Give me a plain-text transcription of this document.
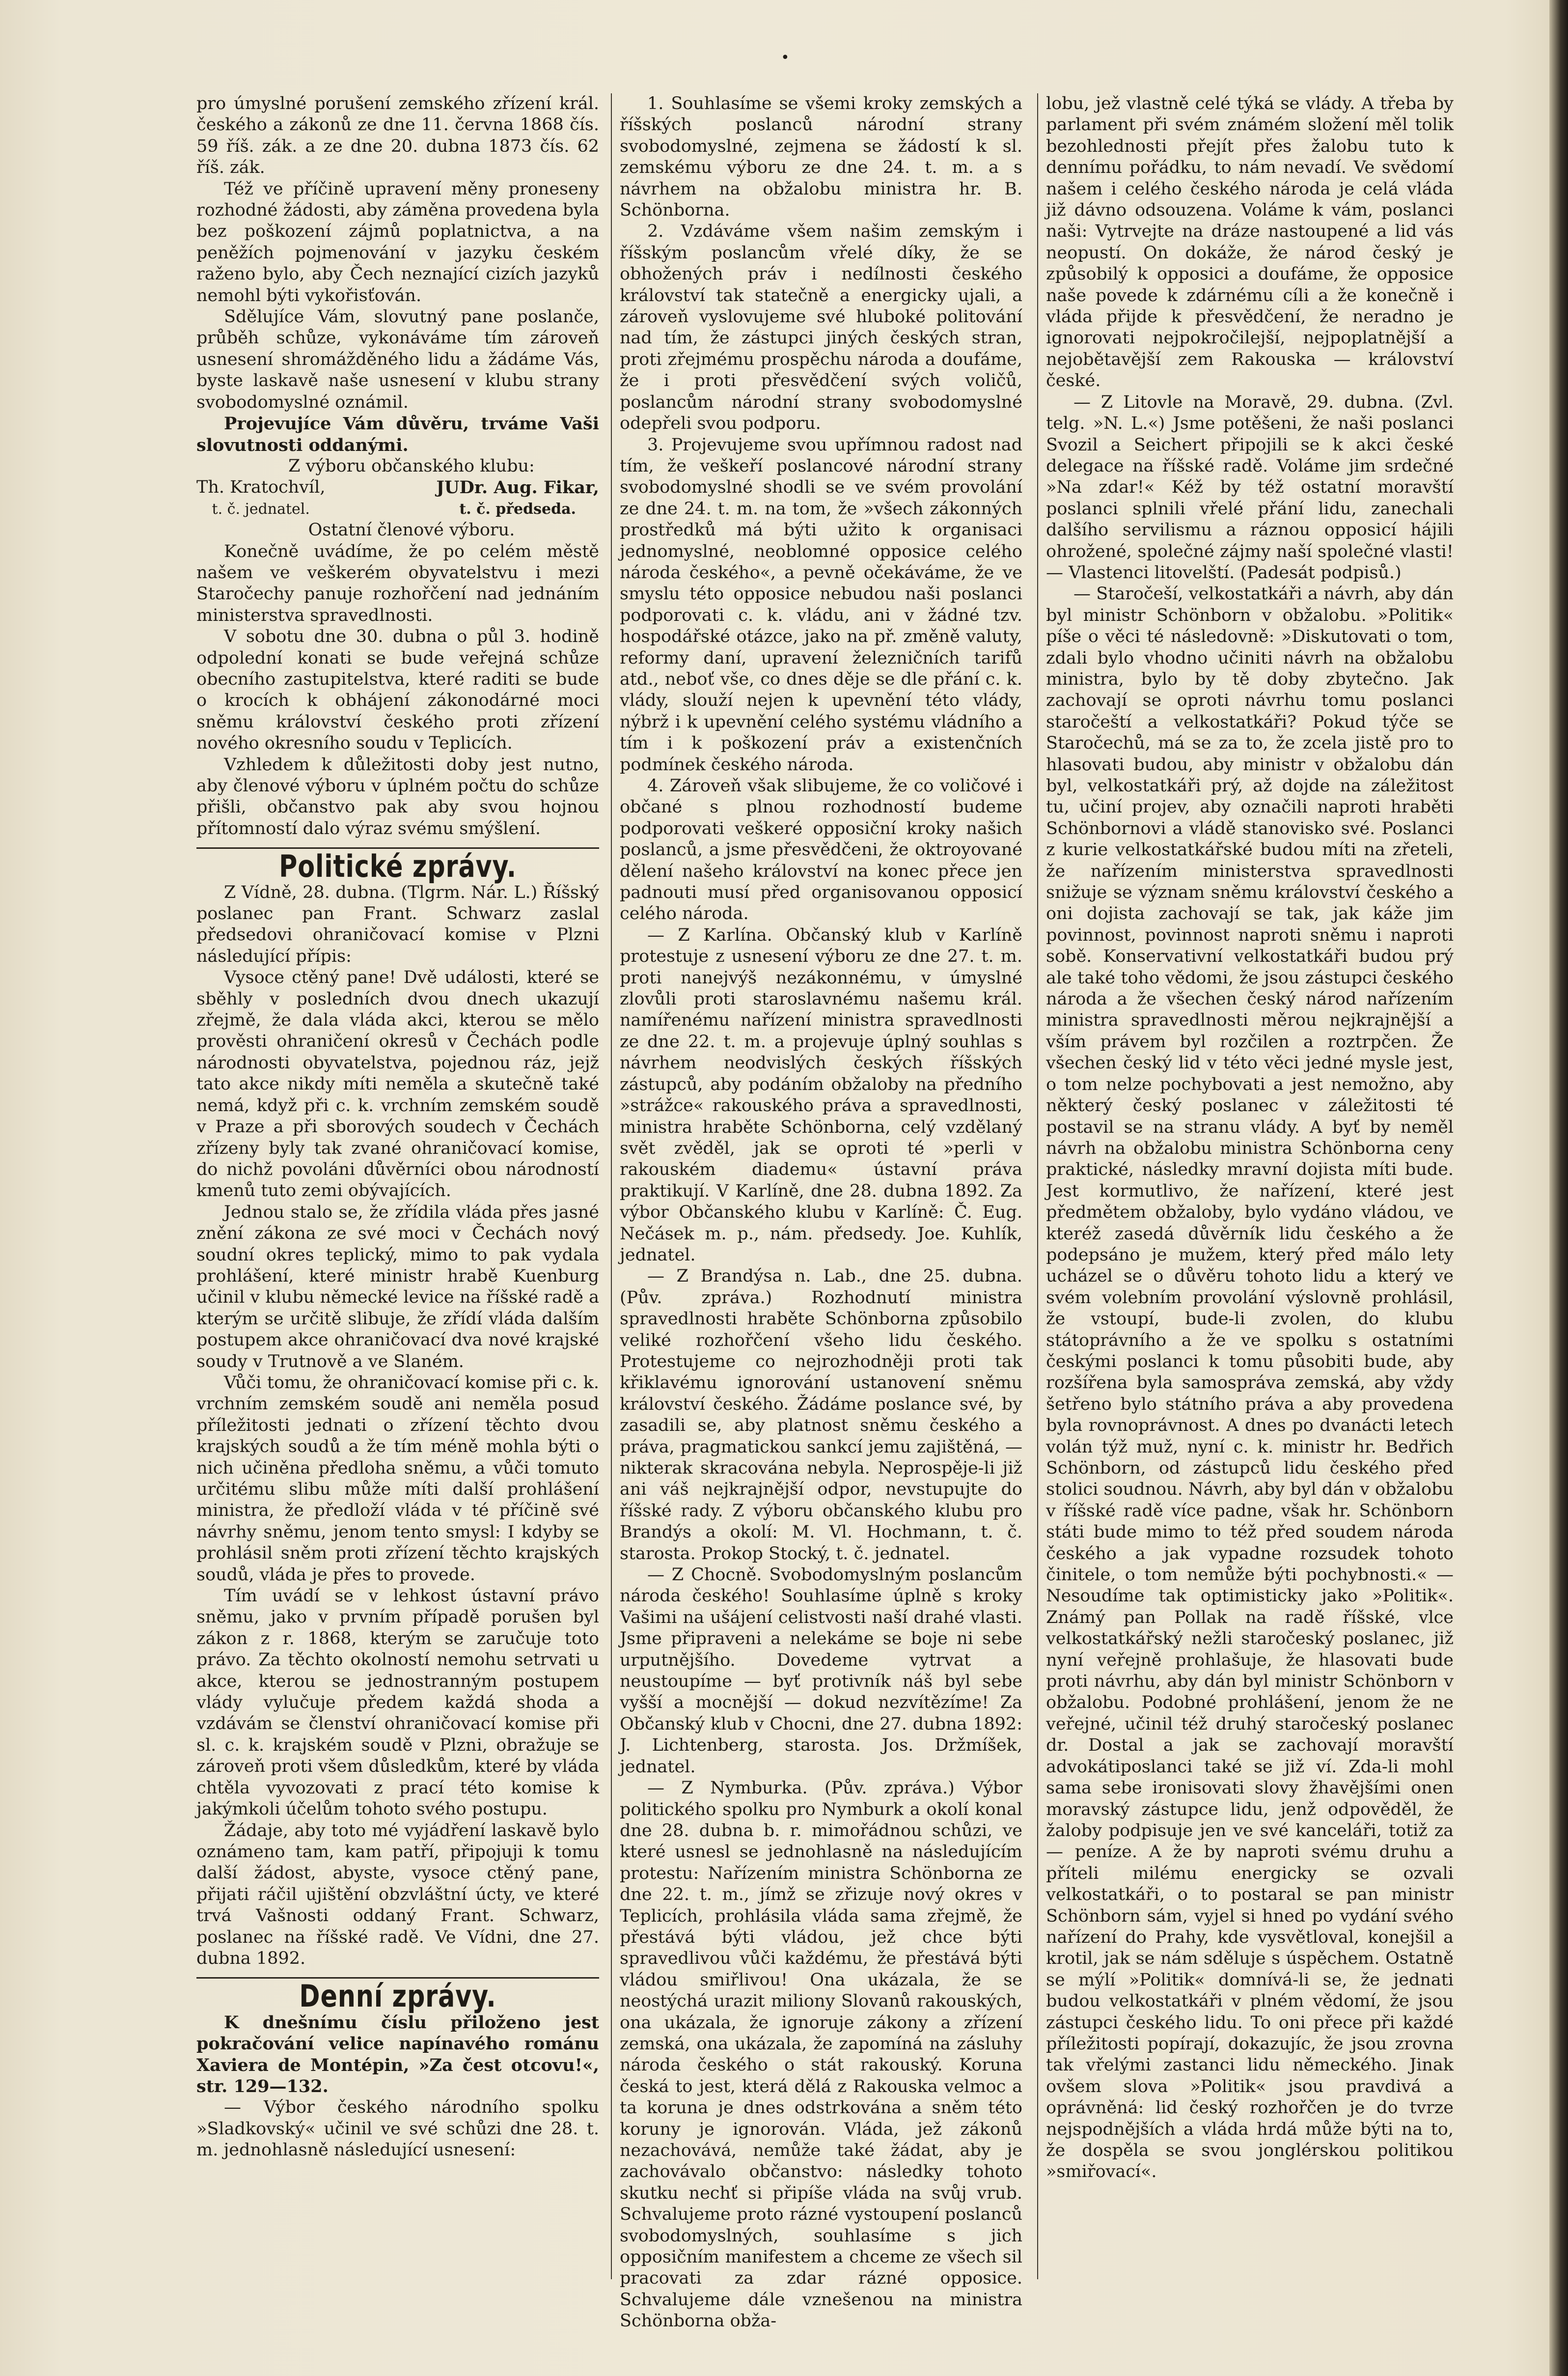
•

pro úmyslné porušení zemského zřízení král. českého a zákonů ze dne 11. června 1868 čís. 59 říš. zák. a ze dne 20. dubna 1873 čís. 62 říš. zák.

Též ve příčině upravení měny proneseny rozhodné žádosti, aby záměna provedena byla bez poškození zájmů poplatnictva, a na peněžích pojmenování v jazyku českém raženo bylo, aby Čech neznající cizích jazyků nemohl býti vykořisťován.

Sdělujíce Vám, slovutný pane poslanče, průběh schůze, vykonáváme tím zároveň usnesení shromážděného lidu a žádáme Vás, byste laskavě naše usnesení v klubu strany svobodomyslné oznámil.

Projevujíce Vám důvěru, trváme Vaši slovutnosti oddanými.

Z výboru občanského klubu:

Th. Kratochvíl,
t. č. jednatel.
JUDr. Aug. Fikar,
t. č. předseda.

Ostatní členové výboru.

Konečně uvádíme, že po celém městě našem ve veškerém obyvatelstvu i mezi Staročechy panuje rozhořčení nad jednáním ministerstva spravedlnosti.

V sobotu dne 30. dubna o půl 3. hodině odpolední konati se bude veřejná schůze obecního zastupitelstva, které raditi se bude o krocích k obhájení zákonodárné moci sněmu království českého proti zřízení nového okresního soudu v Teplicích.

Vzhledem k důležitosti doby jest nutno, aby členové výboru v úplném počtu do schůze přišli, občanstvo pak aby svou hojnou přítomností dalo výraz svému smýšlení.

Politické zprávy.

Z Vídně, 28. dubna. (Tlgrm. Nár. L.) Říšský poslanec pan Frant. Schwarz zaslal předsedovi ohraničovací komise v Plzni následující přípis:

Vysoce ctěný pane! Dvě události, které se sběhly v posledních dvou dnech ukazují zřejmě, že dala vláda akci, kterou se mělo prověsti ohraničení okresů v Čechách podle národnosti obyvatelstva, pojednou ráz, jejž tato akce nikdy míti neměla a skutečně také nemá, když při c. k. vrchním zemském soudě v Praze a při sborových soudech v Čechách zřízeny byly tak zvané ohraničovací komise, do nichž povoláni důvěrníci obou národností kmenů tuto zemi obývajících.

Jednou stalo se, že zřídila vláda přes jasné znění zákona ze své moci v Čechách nový soudní okres teplický, mimo to pak vydala prohlášení, které ministr hrabě Kuenburg učinil v klubu německé levice na říšské radě a kterým se určitě slibuje, že zřídí vláda dalším postupem akce ohraničovací dva nové krajské soudy v Trutnově a ve Slaném.

Vůči tomu, že ohraničovací komise při c. k. vrchním zemském soudě ani neměla posud příležitosti jednati o zřízení těchto dvou krajských soudů a že tím méně mohla býti o nich učiněna předloha sněmu, a vůči tomuto určitému slibu může míti další prohlášení ministra, že předloží vláda v té příčině své návrhy sněmu, jenom tento smysl: I kdyby se prohlásil sněm proti zřízení těchto krajských soudů, vláda je přes to provede.

Tím uvádí se v lehkost ústavní právo sněmu, jako v prvním případě porušen byl zákon z r. 1868, kterým se zaručuje toto právo. Za těchto okolností nemohu setrvati u akce, kterou se jednostranným postupem vlády vylučuje předem každá shoda a vzdávám se členství ohraničovací komise při sl. c. k. krajském soudě v Plzni, obražuje se zároveň proti všem důsledkům, které by vláda chtěla vyvozovati z prací této komise k jakýmkoli účelům tohoto svého postupu.

Žádaje, aby toto mé vyjádření laskavě bylo oznámeno tam, kam patří, připojuji k tomu další žádost, abyste, vysoce ctěný pane, přijati ráčil ujištění obzvláštní úcty, ve které trvá Vašnosti oddaný Frant. Schwarz, poslanec na říšské radě. Ve Vídni, dne 27. dubna 1892.

Denní zprávy.

K dnešnímu číslu přiloženo jest pokračování velice napínavého románu Xaviera de Montépin, »Za čest otcovu!«, str. 129—132.

— Výbor českého národního spolku »Sladkovský« učinil ve své schůzi dne 28. t. m. jednohlasně následující usnesení:

1. Souhlasíme se všemi kroky zemských a říšských poslanců národní strany svobodomyslné, zejmena se žádostí k sl. zemskému výboru ze dne 24. t. m. a s návrhem na obžalobu ministra hr. B. Schönborna.

2. Vzdáváme všem našim zemským i říšským poslancům vřelé díky, že se obhožených práv i nedílnosti českého království tak statečně a energicky ujali, a zároveň vyslovujeme své hluboké politování nad tím, že zástupci jiných českých stran, proti zřejmému prospěchu národa a doufáme, že i proti přesvědčení svých voličů, poslancům národní strany svobodomyslné odepřeli svou podporu.

3. Projevujeme svou upřímnou radost nad tím, že veškeří poslancové národní strany svobodomyslné shodli se ve svém provolání ze dne 24. t. m. na tom, že »všech zákonných prostředků má býti užito k organisaci jednomyslné, neoblomné opposice celého národa českého«, a pevně očekáváme, že ve smyslu této opposice nebudou naši poslanci podporovati c. k. vládu, ani v žádné tzv. hospodářské otázce, jako na př. změně valuty, reformy daní, upravení železničních tarifů atd., neboť vše, co dnes děje se dle přání c. k. vlády, slouží nejen k upevnění této vlády, nýbrž i k upevnění celého systému vládního a tím i k poškození práv a existenčních podmínek českého národa.

4. Zároveň však slibujeme, že co voličové i občané s plnou rozhodností budeme podporovati veškeré opposiční kroky našich poslanců, a jsme přesvědčeni, že oktroyované dělení našeho království na konec přece jen padnouti musí před organisovanou opposicí celého národa.

— Z Karlína. Občanský klub v Karlíně protestuje z usnesení výboru ze dne 27. t. m. proti nanejvýš nezákonnému, v úmyslné zlovůli proti staroslavnému našemu král. namířenému nařízení ministra spravedlnosti ze dne 22. t. m. a projevuje úplný souhlas s návrhem neodvislých českých říšských zástupců, aby podáním obžaloby na předního »strážce« rakouského práva a spravedlnosti, ministra hraběte Schönborna, celý vzdělaný svět zvěděl, jak se oproti té »perli v rakouském diademu« ústavní práva praktikují. V Karlíně, dne 28. dubna 1892. Za výbor Občanského klubu v Karlíně: Č. Eug. Nečásek m. p., nám. předsedy. Joe. Kuhlík, jednatel.

— Z Brandýsa n. Lab., dne 25. dubna. (Pův. zpráva.) Rozhodnutí ministra spravedlnosti hraběte Schönborna způsobilo veliké rozhořčení všeho lidu českého. Protestujeme co nejrozhodněji proti tak křiklavému ignorování ustanovení sněmu království českého. Žádáme poslance své, by zasadili se, aby platnost sněmu českého a práva, pragmatickou sankcí jemu zajištěná, — nikterak skracována nebyla. Neprospěje-li již ani váš nejkrajnější odpor, nevstupujte do říšské rady. Z výboru občanského klubu pro Brandýs a okolí: M. Vl. Hochmann, t. č. starosta. Prokop Stocký, t. č. jednatel.

— Z Chocně. Svobodomyslným poslancům národa českého! Souhlasíme úplně s kroky Vašimi na ušájení celistvosti naší drahé vlasti. Jsme připraveni a nelekáme se boje ni sebe urputnějšího. Dovedeme vytrvat a neustoupíme — byť protivník náš byl sebe vyšší a mocnější — dokud nezvítězíme! Za Občanský klub v Chocni, dne 27. dubna 1892: J. Lichtenberg, starosta. Jos. Držmíšek, jednatel.

— Z Nymburka. (Pův. zpráva.) Výbor politického spolku pro Nymburk a okolí konal dne 28. dubna b. r. mimořádnou schůzi, ve které usnesl se jednohlasně na následujícím protestu: Nařízením ministra Schönborna ze dne 22. t. m., jímž se zřizuje nový okres v Teplicích, prohlásila vláda sama zřejmě, že přestává býti vládou, jež chce býti spravedlivou vůči každému, že přestává býti vládou smiřlivou! Ona ukázala, že se neostýchá urazit miliony Slovanů rakouských, ona ukázala, že ignoruje zákony a zřízení zemská, ona ukázala, že zapomíná na zásluhy národa českého o stát rakouský. Koruna česká to jest, která dělá z Rakouska velmoc a ta koruna je dnes odstrkována a sněm této koruny je ignorován. Vláda, jež zákonů nezachovává, nemůže také žádat, aby je zachovávalo občanstvo: následky tohoto skutku nechť si připíše vláda na svůj vrub. Schvalujeme proto rázné vystoupení poslanců svobodomyslných, souhlasíme s jich opposičním manifestem a chceme ze všech sil pracovati za zdar rázné opposice. Schvalujeme dále vznešenou na ministra Schönborna obža-

lobu, jež vlastně celé týká se vlády. A třeba by parlament při svém známém složení měl tolik bezohlednosti přejít přes žalobu tuto k dennímu pořádku, to nám nevadí. Ve svědomí našem i celého českého národa je celá vláda již dávno odsouzena. Voláme k vám, poslanci naši: Vytrvejte na dráze nastoupené a lid vás neopustí. On dokáže, že národ český je způsobilý k opposici a doufáme, že opposice naše povede k zdárnému cíli a že konečně i vláda přijde k přesvědčení, že neradno je ignorovati nejpokročilejší, nejpoplatnější a nejobětavější zem Rakouska — království české.

— Z Litovle na Moravě, 29. dubna. (Zvl. telg. »N. L.«) Jsme potěšeni, že naši poslanci Svozil a Seichert připojili se k akci české delegace na říšské radě. Voláme jim srdečné »Na zdar!« Kéž by též ostatní moravští poslanci splnili vřelé přání lidu, zanechali dalšího servilismu a ráznou opposicí hájili ohrožené, společné zájmy naší společné vlasti! — Vlastenci litovelští. (Padesát podpisů.)

— Staročeší, velkostatkáři a návrh, aby dán byl ministr Schönborn v obžalobu. »Politik« píše o věci té následovně: »Diskutovati o tom, zdali bylo vhodno učiniti návrh na obžalobu ministra, bylo by tě doby zbytečno. Jak zachovají se oproti návrhu tomu poslanci staročeští a velkostatkáři? Pokud týče se Staročechů, má se za to, že zcela jistě pro to hlasovati budou, aby ministr v obžalobu dán byl, velkostatkáři prý, až dojde na záležitost tu, učiní projev, aby označili naproti hraběti Schönbornovi a vládě stanovisko své. Poslanci z kurie velkostatkářské budou míti na zřeteli, že nařízením ministerstva spravedlnosti snižuje se význam sněmu království českého a oni dojista zachovají se tak, jak káže jim povinnost, povinnost naproti sněmu i naproti sobě. Konservativní velkostatkáři budou prý ale také toho vědomi, že jsou zástupci českého národa a že všechen český národ nařízením ministra spravedlnosti měrou nejkrajnější a vším právem byl rozčilen a roztrpčen. Že všechen český lid v této věci jedné mysle jest, o tom nelze pochybovati a jest nemožno, aby některý český poslanec v záležitosti té postavil se na stranu vlády. A byť by neměl návrh na obžalobu ministra Schönborna ceny praktické, následky mravní dojista míti bude. Jest kormutlivo, že nařízení, které jest předmětem obžaloby, bylo vydáno vládou, ve kteréž zasedá důvěrník lidu českého a že podepsáno je mužem, který před málo lety ucházel se o důvěru tohoto lidu a který ve svém volebním provolání výslovně prohlásil, že vstoupí, bude-li zvolen, do klubu státoprávního a že ve spolku s ostatními českými poslanci k tomu působiti bude, aby rozšířena byla samospráva zemská, aby vždy šetřeno bylo státního práva a aby provedena byla rovnoprávnost. A dnes po dvanácti letech volán týž muž, nyní c. k. ministr hr. Bedřich Schönborn, od zástupců lidu českého před stolici soudnou. Návrh, aby byl dán v obžalobu v říšské radě více padne, však hr. Schönborn státi bude mimo to též před soudem národa českého a jak vypadne rozsudek tohoto činitele, o tom nemůže býti pochybnosti.« — Nesoudíme tak optimisticky jako »Politik«. Známý pan Pollak na radě říšské, vlce velkostatkářský nežli staročeský poslanec, již nyní veřejně prohlašuje, že hlasovati bude proti návrhu, aby dán byl ministr Schönborn v obžalobu. Podobné prohlášení, jenom že ne veřejné, učinil též druhý staročeský poslanec dr. Dostal a jak se zachovají moravští advokátiposlanci také se již ví. Zda-li mohl sama sebe ironisovati slovy žhavějšími onen moravský zástupce lidu, jenž odpověděl, že žaloby podpisuje jen ve své kanceláři, totiž za — peníze. A že by naproti svému druhu a příteli milému energicky se ozvali velkostatkáři, o to postaral se pan ministr Schönborn sám, vyjel si hned po vydání svého nařízení do Prahy, kde vysvětloval, konejšil a krotil, jak se nám sděluje s úspěchem. Ostatně se mýlí »Politik« domnívá-li se, že jednati budou velkostatkáři v plném vědomí, že jsou zástupci českého lidu. To oni přece při každé příležitosti popírají, dokazujíc, že jsou zrovna tak vřelými zastanci lidu německého. Jinak ovšem slova »Politik« jsou pravdivá a oprávněná: lid český rozhořčen je do tvrze nejspodnějších a vláda hrdá může býti na to, že dospěla se svou jonglérskou politikou »smiřovací«.
